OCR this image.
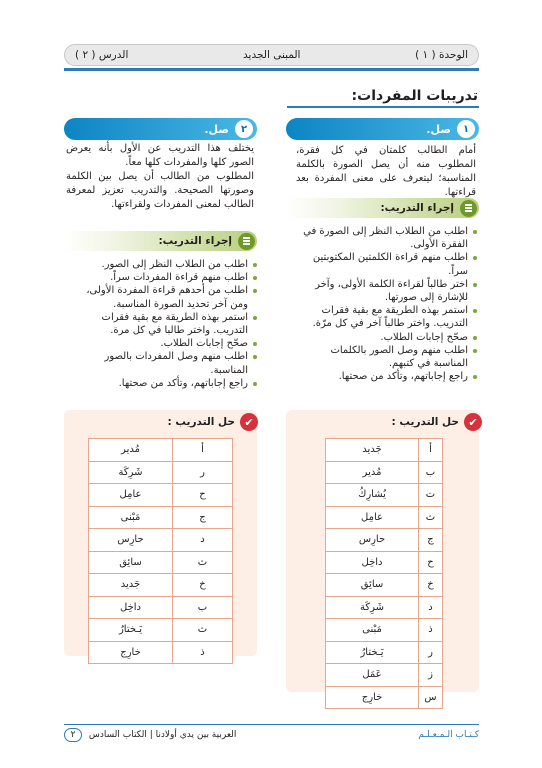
الوحدة ( ١ )
المبنى الجديد
الدرس ( ٢ )
تدريبات المفردات:
١
صل.

أمام الطالب كلمتان في كل فقرة، المطلوب منه أن يصل الصورة بالكلمة المناسبة؛ ليتعرف على معنى المفردة بعد قراءتها.

إجراء التدريب:
اطلب من الطلاب النظر إلى الصورة في الفقرة الأولى.
اطلب منهم قراءة الكلمتين المكتوبتين سراً.
اختر طالباً لقراءة الكلمة الأولى، وآخر للإشارة إلى صورتها.
استمر بهذه الطريقة مع بقية فقرات التدريب. واختر طالباً آخر في كل مرّة.
صحّح إجابات الطلاب.
اطلب منهم وصل الصور بالكلمات المناسبة في كتبهم.
راجع إجاباتهم، وتأكد من صحتها.
✔
حل التدريب :
أ	جَديد
ب	مُدير
ت	يُشارِكُ
ث	عامِل
ج	حارِس
ح	داخِل
خ	سائِق
د	شَرِكَة
ذ	مَبْنى
ر	يَـختارُ
ز	عَمَل
س	خارِج
٢
صل.

يختلف هذا التدريب عن الأول بأنه يعرض الصور كلها والمفردات كلها معاً.
المطلوب من الطالب أن يصل بين الكلمة وصورتها الصحيحة. والتدريب تعزيز لمعرفة الطالب لمعنى المفردات ولقراءتها.

إجراء التدريب:
اطلب من الطلاب النظر إلى الصور.
اطلب منهم قراءة المفردات سراً.
اطلب من أحدهم قراءة المفردة الأولى، ومن آخر تحديد الصورة المناسبة.
استمر بهذه الطريقة مع بقية فقرات التدريب. واختر طالبا في كل مرة.
صحّح إجابات الطلاب.
اطلب منهم وصل المفردات بالصور المناسبة.
راجع إجاباتهم، وتأكد من صحتها.
✔
حل التدريب :
أ	مُدير
ر	شَرِكَة
ح	عامِل
ج	مَبْنى
د	حارِس
ث	سائِق
خ	جَديد
ب	داخِل
ث	يَـختارُ
ذ	خارِج
كـتـاب الـمـعـلـم
العربية بين يدي أولادنا | الكتاب السادس ٢
